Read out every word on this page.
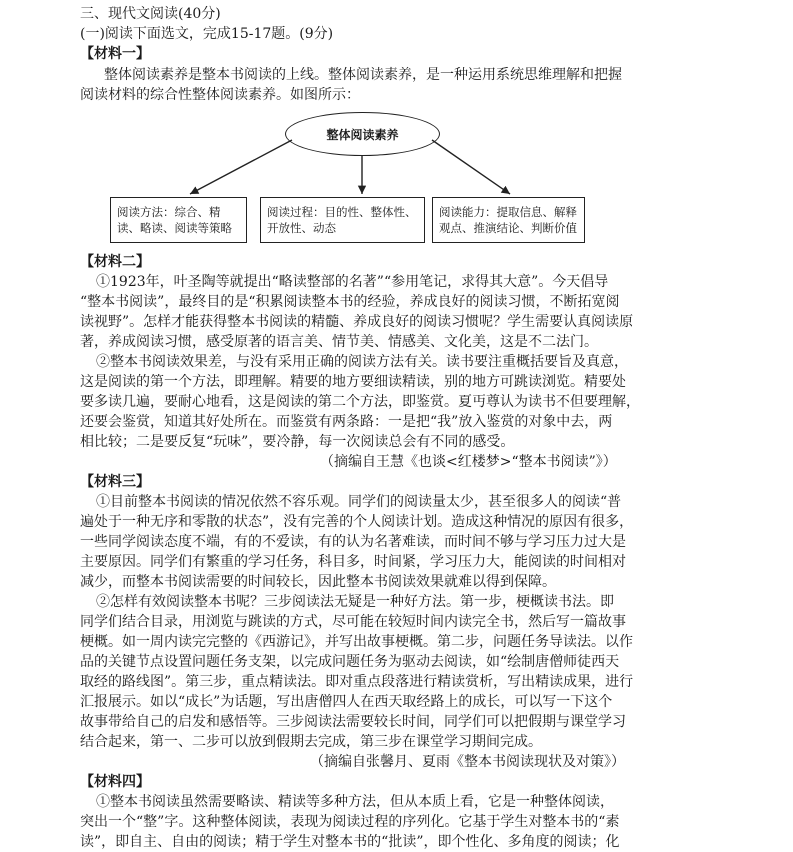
三、现代文阅读(40分)
(一)阅读下面选文，完成15-17题。(9分)
【材料一】
整体阅读素养是整本书阅读的上线。整体阅读素养，是一种运用系统思维理解和把握
阅读材料的综合性整体阅读素养。如图所示：
整体阅读素养
阅读方法：综合、精读、略读、阅读等策略
阅读过程：目的性、整体性、开放性、动态
阅读能力：提取信息、解释观点、推演结论、判断价值
【材料二】
①1923年，叶圣陶等就提出“略读整部的名著”“参用笔记，求得其大意”。今天倡导
“整本书阅读”，最终目的是“积累阅读整本书的经验，养成良好的阅读习惯，不断拓宽阅
读视野”。怎样才能获得整本书阅读的精髓、养成良好的阅读习惯呢？学生需要认真阅读原
著，养成阅读习惯，感受原著的语言美、情节美、情感美、文化美，这是不二法门。
②整本书阅读效果差，与没有采用正确的阅读方法有关。读书要注重概括要旨及真意，
这是阅读的第一个方法，即理解。精要的地方要细读精读，别的地方可跳读浏览。精要处
要多读几遍，要耐心地看，这是阅读的第二个方法，即鉴赏。夏丏尊认为读书不但要理解，
还要会鉴赏，知道其好处所在。而鉴赏有两条路：一是把“我”放入鉴赏的对象中去，两
相比较；二是要反复“玩味”，要冷静，每一次阅读总会有不同的感受。
（摘编自王慧《也谈<红楼梦>“整本书阅读”》）
【材料三】
①目前整本书阅读的情况依然不容乐观。同学们的阅读量太少，甚至很多人的阅读“普
遍处于一种无序和零散的状态”，没有完善的个人阅读计划。造成这种情况的原因有很多，
一些同学阅读态度不端，有的不爱读，有的认为名著难读，而时间不够与学习压力过大是
主要原因。同学们有繁重的学习任务，科目多，时间紧，学习压力大，能阅读的时间相对
减少，而整本书阅读需要的时间较长，因此整本书阅读效果就难以得到保障。
②怎样有效阅读整本书呢？三步阅读法无疑是一种好方法。第一步，梗概读书法。即
同学们结合目录，用浏览与跳读的方式，尽可能在较短时间内读完全书，然后写一篇故事
梗概。如一周内读完完整的《西游记》，并写出故事梗概。第二步，问题任务导读法。以作
品的关键节点设置问题任务支架，以完成问题任务为驱动去阅读，如“绘制唐僧师徒西天
取经的路线图”。第三步，重点精读法。即对重点段落进行精读赏析，写出精读成果，进行
汇报展示。如以“成长”为话题，写出唐僧四人在西天取经路上的成长，可以写一下这个
故事带给自己的启发和感悟等。三步阅读法需要较长时间，同学们可以把假期与课堂学习
结合起来，第一、二步可以放到假期去完成，第三步在课堂学习期间完成。
（摘编自张馨月、夏雨《整本书阅读现状及对策》）
【材料四】
①整本书阅读虽然需要略读、精读等多种方法，但从本质上看，它是一种整体阅读，
突出一个“整”字。这种整体阅读，表现为阅读过程的序列化。它基于学生对整本书的“素
读”，即自主、自由的阅读；精于学生对整本书的“批读”，即个性化、多角度的阅读；化
